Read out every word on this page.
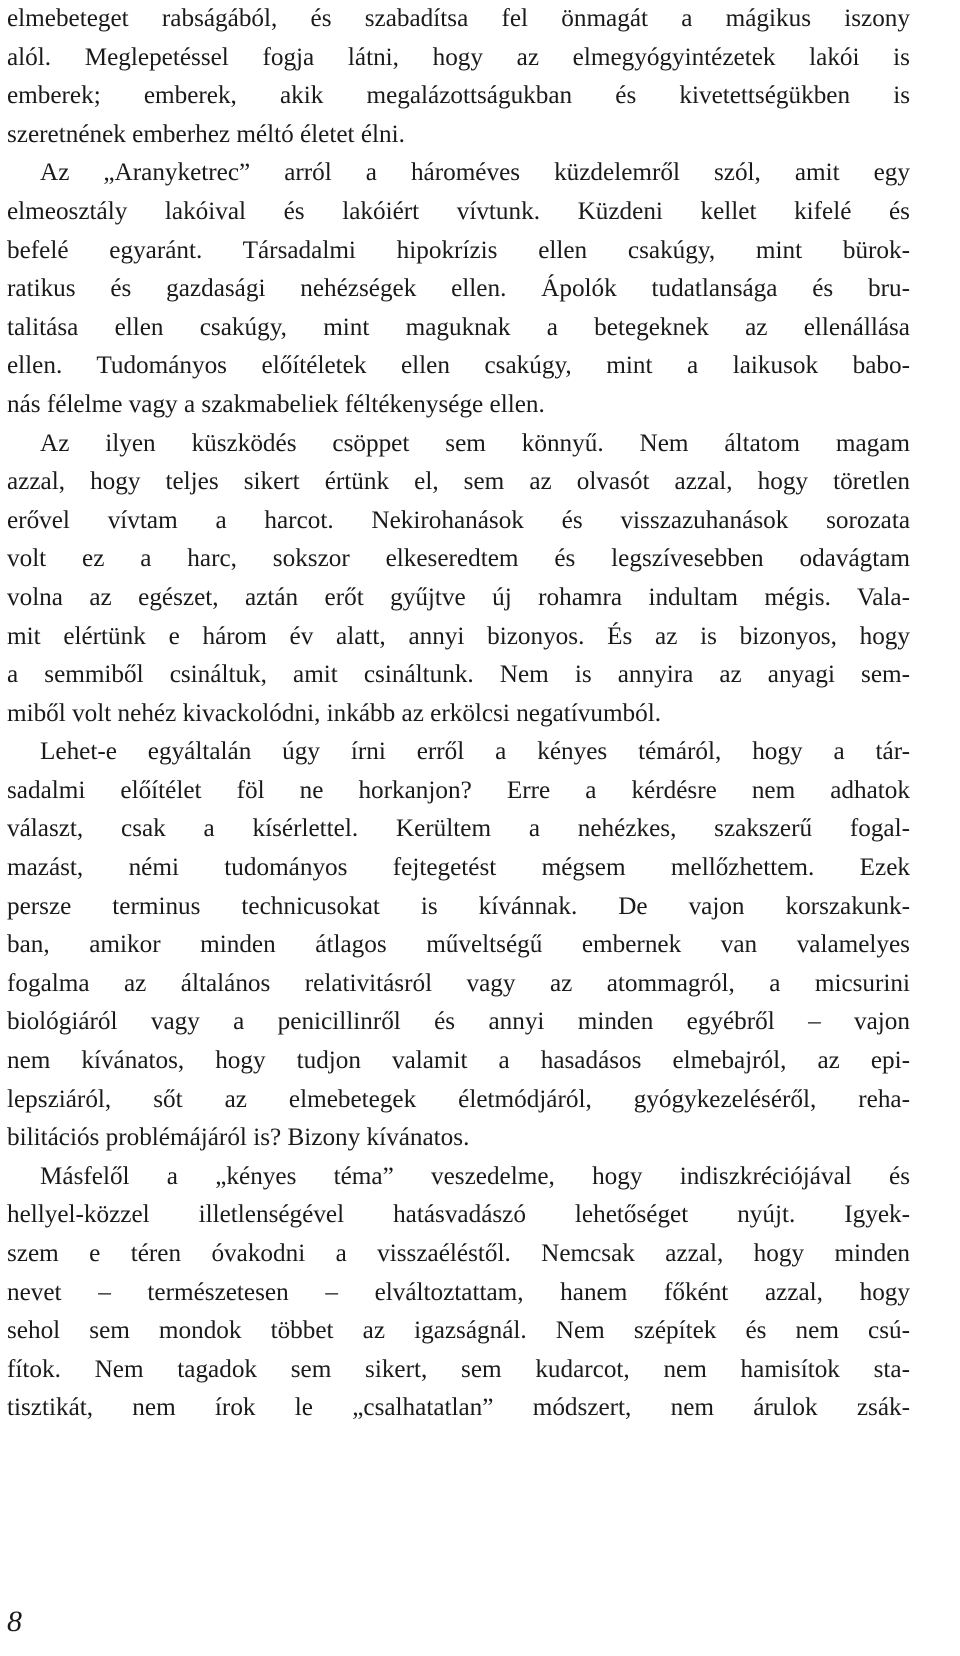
elmebeteget rabságából, és szabadítsa fel önmagát a mágikus iszony
alól. Meglepetéssel fogja látni, hogy az elmegyógyintézetek lakói is
emberek; emberek, akik megalázottságukban és kivetettségükben is
szeretnének emberhez méltó életet élni.
Az „Aranyketrec” arról a hároméves küzdelemről szól, amit egy
elmeosztály lakóival és lakóiért vívtunk. Küzdeni kellet kifelé és
befelé egyaránt. Társadalmi hipokrízis ellen csakúgy, mint bürok-
ratikus és gazdasági nehézségek ellen. Ápolók tudatlansága és bru-
talitása ellen csakúgy, mint maguknak a betegeknek az ellenállása
ellen. Tudományos előítéletek ellen csakúgy, mint a laikusok babo-
nás félelme vagy a szakmabeliek féltékenysége ellen.
Az ilyen küszködés csöppet sem könnyű. Nem áltatom magam
azzal, hogy teljes sikert értünk el, sem az olvasót azzal, hogy töretlen
erővel vívtam a harcot. Nekirohanások és visszazuhanások sorozata
volt ez a harc, sokszor elkeseredtem és legszívesebben odavágtam
volna az egészet, aztán erőt gyűjtve új rohamra indultam mégis. Vala-
mit elértünk e három év alatt, annyi bizonyos. És az is bizonyos, hogy
a semmiből csináltuk, amit csináltunk. Nem is annyira az anyagi sem-
miből volt nehéz kivackolódni, inkább az erkölcsi negatívumból.
Lehet-e egyáltalán úgy írni erről a kényes témáról, hogy a tár-
sadalmi előítélet föl ne horkanjon? Erre a kérdésre nem adhatok
választ, csak a kísérlettel. Kerültem a nehézkes, szakszerű fogal-
mazást, némi tudományos fejtegetést mégsem mellőzhettem. Ezek
persze terminus technicusokat is kívánnak. De vajon korszakunk-
ban, amikor minden átlagos műveltségű embernek van valamelyes
fogalma az általános relativitásról vagy az atommagról, a micsurini
biológiáról vagy a penicillinről és annyi minden egyébről – vajon
nem kívánatos, hogy tudjon valamit a hasadásos elmebajról, az epi-
lepsziáról, sőt az elmebetegek életmódjáról, gyógykezeléséről, reha-
bilitációs problémájáról is? Bizony kívánatos.
Másfelől a „kényes téma” veszedelme, hogy indiszkréciójával és
hellyel-közzel illetlenségével hatásvadászó lehetőséget nyújt. Igyek-
szem e téren óvakodni a visszaéléstől. Nemcsak azzal, hogy minden
nevet – természetesen – elváltoztattam, hanem főként azzal, hogy
sehol sem mondok többet az igazságnál. Nem szépítek és nem csú-
fítok. Nem tagadok sem sikert, sem kudarcot, nem hamisítok sta-
tisztikát, nem írok le „csalhatatlan” módszert, nem árulok zsák-
8
